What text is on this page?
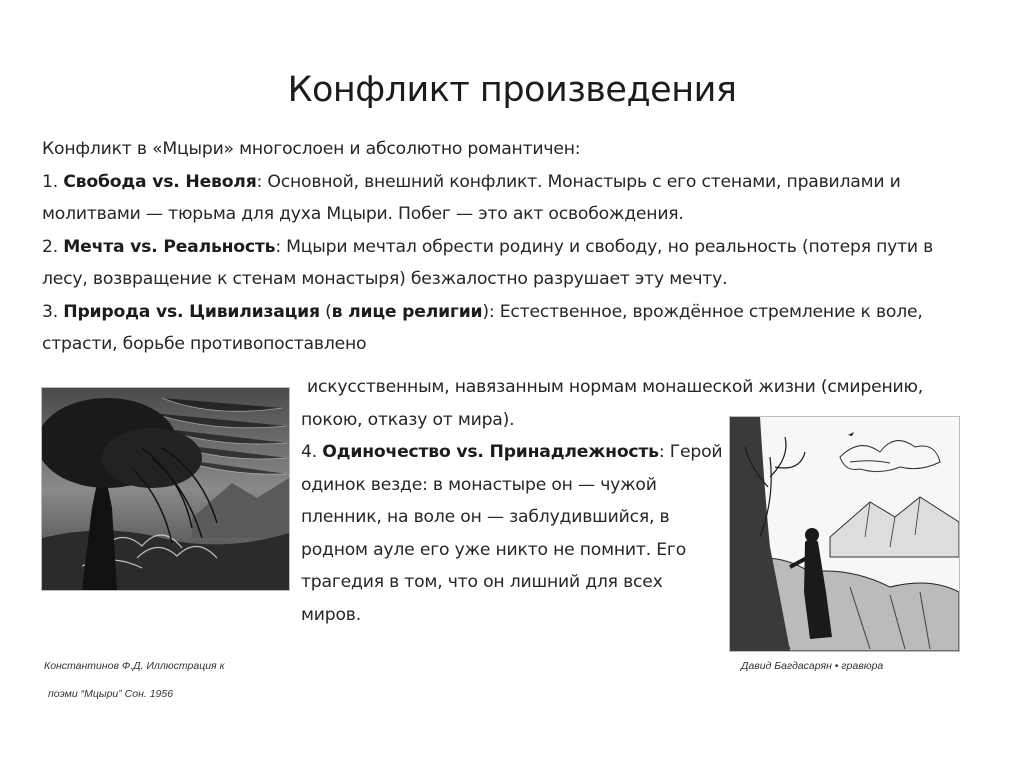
Конфликт произведения

Конфликт в «Мцыри» многослоен и абсолютно романтичен:

1. Свобода vs. Неволя: Основной, внешний конфликт. Монастырь с его стенами, правилами и

молитвами — тюрьма для духа Мцыри. Побег — это акт освобождения.

2. Мечта vs. Реальность: Мцыри мечтал обрести родину и свободу, но реальность (потеря пути в

лесу, возвращение к стенам монастыря) безжалостно разрушает эту мечту.

3. Природа vs. Цивилизация (в лице религии): Естественное, врождённое стремление к воле,

страсти, борьбе противопоставлено

искусственным, навязанным нормам монашеской жизни (смирению,

покою, отказу от мира).

4. Одиночество vs. Принадлежность: Герой

одинок везде: в монастыре он — чужой

пленник, на воле он — заблудившийся, в

родном ауле его уже никто не помнит. Его

трагедия в том, что он лишний для всех

миров.

Константинов Ф.Д. Иллюстрация к
поэми “Мцыри” Сон. 1956
Давид Багдасарян • гравюра
